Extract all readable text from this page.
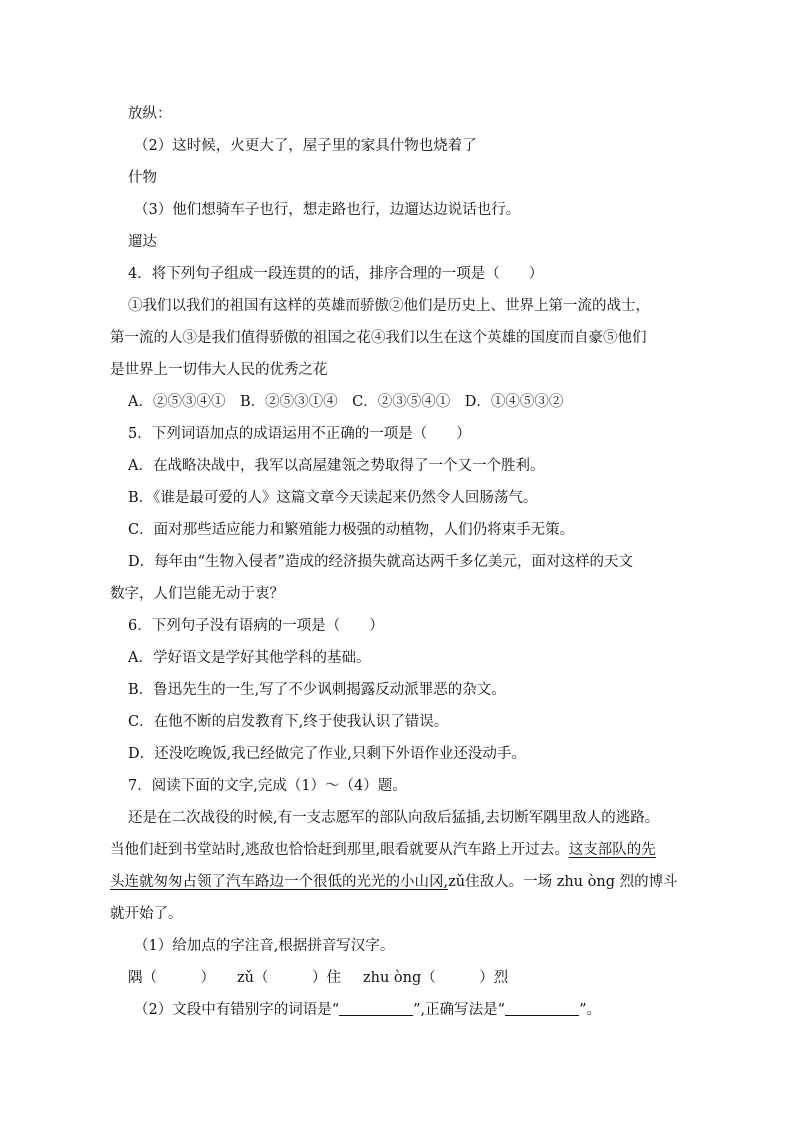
放纵：
（2）这时候，火更大了，屋子里的家具什物也烧着了
什物
（3）他们想骑车子也行，想走路也行，边遛达边说话也行。
遛达
4．将下列句子组成一段连贯的的话，排序合理的一项是（　　）
①我们以我们的祖国有这样的英雄而骄傲②他们是历史上、世界上第一流的战士，
第一流的人③是我们值得骄傲的祖国之花④我们以生在这个英雄的国度而自豪⑤他们
是世界上一切伟大人民的优秀之花
A．②⑤③④①　B．②⑤③①④　C．②③⑤④①　D．①④⑤③②
5．下列词语加点的成语运用不正确的一项是（　　）
A．在战略决战中，我军以高屋建瓴之势取得了一个又一个胜利。
B．《谁是最可爱的人》这篇文章今天读起来仍然令人回肠荡气。
C．面对那些适应能力和繁殖能力极强的动植物，人们仍将束手无策。
D．每年由“生物入侵者”造成的经济损失就高达两千多亿美元，面对这样的天文
数字，人们岂能无动于衷？
6．下列句子没有语病的一项是（　　）
A．学好语文是学好其他学科的基础。
B．鲁迅先生的一生,写了不少讽刺揭露反动派罪恶的杂文。
C．在他不断的启发教育下,终于使我认识了错误。
D．还没吃晚饭,我已经做完了作业,只剩下外语作业还没动手。
7．阅读下面的文字,完成（1）～（4）题。
还是在二次战役的时候,有一支志愿军的部队向敌后猛插,去切断军隅里敌人的逃路。
当他们赶到书堂站时,逃敌也恰恰赶到那里,眼看就要从汽车路上开过去。这支部队的先
头连就匆匆占领了汽车路边一个很低的光光的小山冈,zǔ住敌人。一场 zhu òng 烈的博斗
就开始了。
（1）给加点的字注音,根据拼音写汉字。
隅（　　　） zǔ（　　　）住 zhu òng（　　　）烈
（2）文段中有错别字的词语是“	”,正确写法是“	”。
